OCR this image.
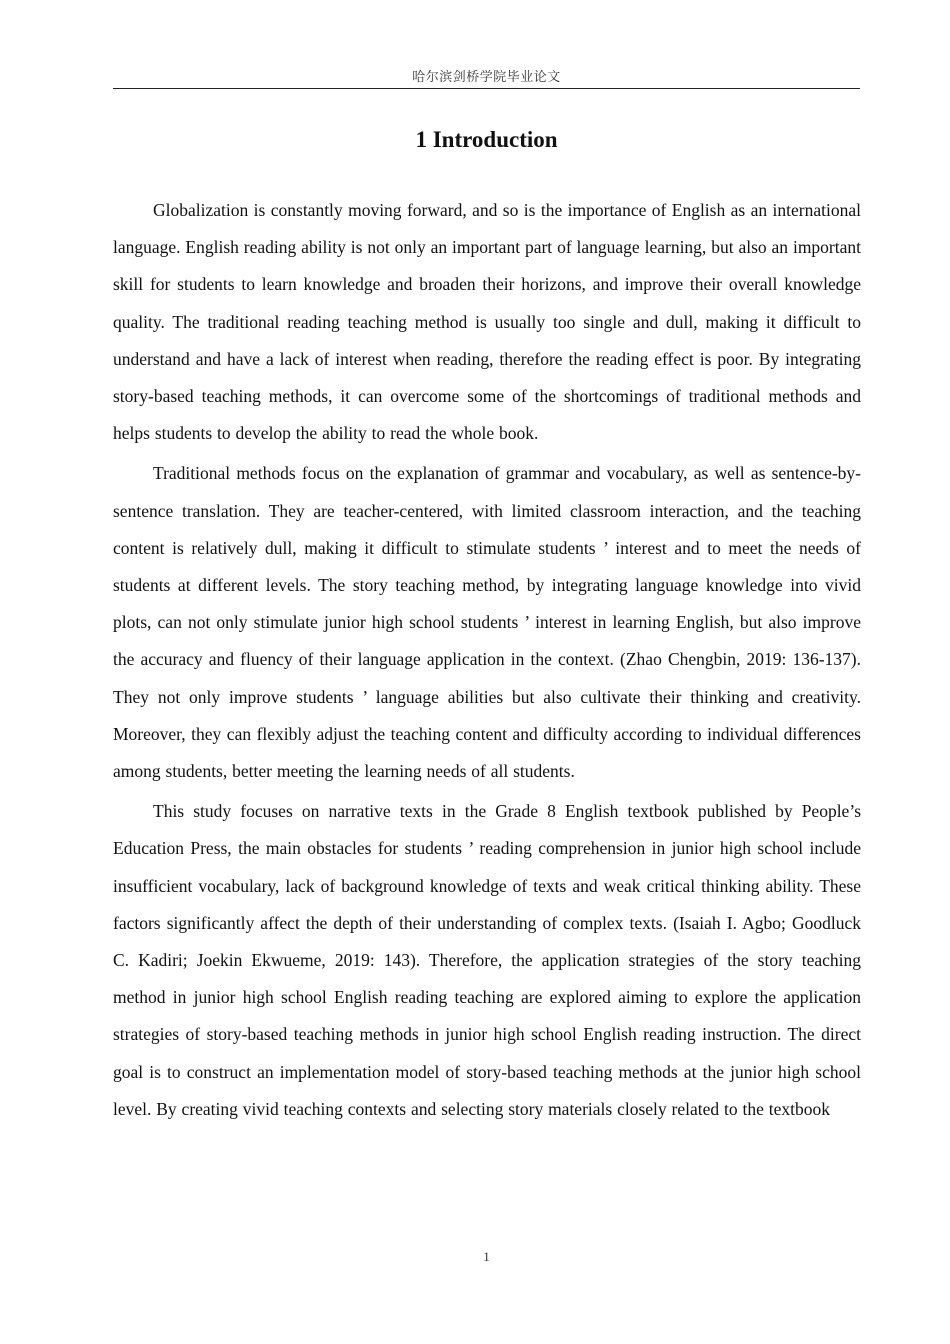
哈尔滨剑桥学院毕业论文
1 Introduction

Globalization is constantly moving forward, and so is the importance of English as an international language. English reading ability is not only an important part of language learning, but also an important skill for students to learn knowledge and broaden their horizons, and improve their overall knowledge quality. The traditional reading teaching method is usually too single and dull, making it difficult to understand and have a lack of interest when reading, therefore the reading effect is poor. By integrating story-based teaching methods, it can overcome some of the shortcomings of traditional methods and helps students to develop the ability to read the whole book.

Traditional methods focus on the explanation of grammar and vocabulary, as well as sentence-by-sentence translation. They are teacher-centered, with limited classroom interaction, and the teaching content is relatively dull, making it difficult to stimulate students ’ interest and to meet the needs of students at different levels. The story teaching method, by integrating language knowledge into vivid plots, can not only stimulate junior high school students ’ interest in learning English, but also improve the accuracy and fluency of their language application in the context. (Zhao Chengbin, 2019: 136-137). They not only improve students ’ language abilities but also cultivate their thinking and creativity. Moreover, they can flexibly adjust the teaching content and difficulty according to individual differences among students, better meeting the learning needs of all students.

This study focuses on narrative texts in the Grade 8 English textbook published by People’s Education Press, the main obstacles for students ’ reading comprehension in junior high school include insufficient vocabulary, lack of background knowledge of texts and weak critical thinking ability. These factors significantly affect the depth of their understanding of complex texts. (Isaiah I. Agbo; Goodluck C. Kadiri; Joekin Ekwueme, 2019: 143). Therefore, the application strategies of the story teaching method in junior high school English reading teaching are explored aiming to explore the application strategies of story-based teaching methods in junior high school English reading instruction. The direct goal is to construct an implementation model of story-based teaching methods at the junior high school level. By creating vivid teaching contexts and selecting story materials closely related to the textbook

1
